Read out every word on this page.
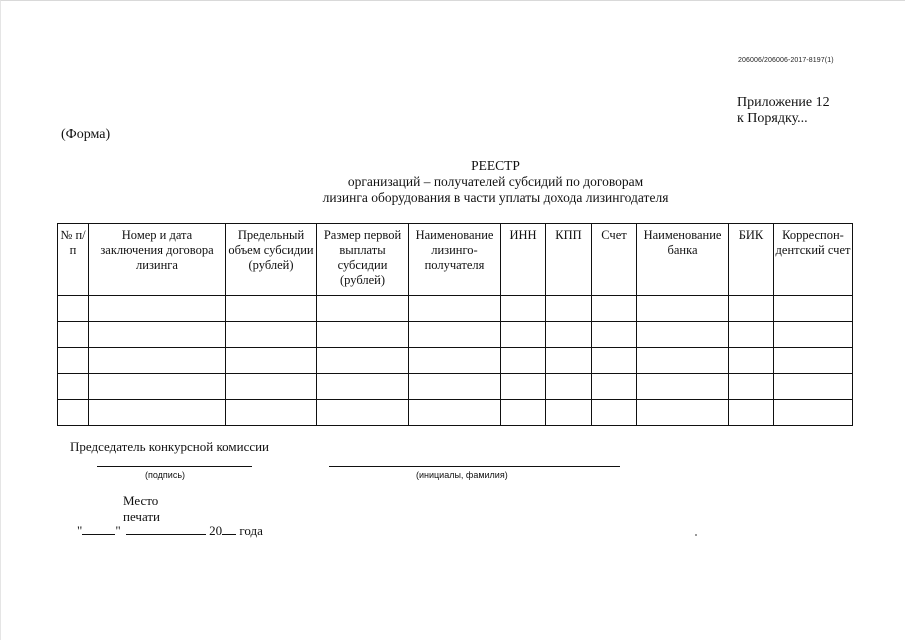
206006/206006-2017-8197(1)
Приложение 12
к Порядку...
(Форма)
РЕЕСТР
организаций – получателей субсидий по договорам
лизинга оборудования в части уплаты дохода лизингодателя
№ п/п	Номер и дата заключения договора лизинга	Предельный объем субсидии (рублей)	Размер первой выплаты субсидии (рублей)	Наименование лизинго-получателя	ИНН	КПП	Счет	Наименование банка	БИК	Корреспон-дентский счет

Председатель конкурсной комиссии
(подпись)	(инициалы, фамилия)
Место печати
"	"	20 года
